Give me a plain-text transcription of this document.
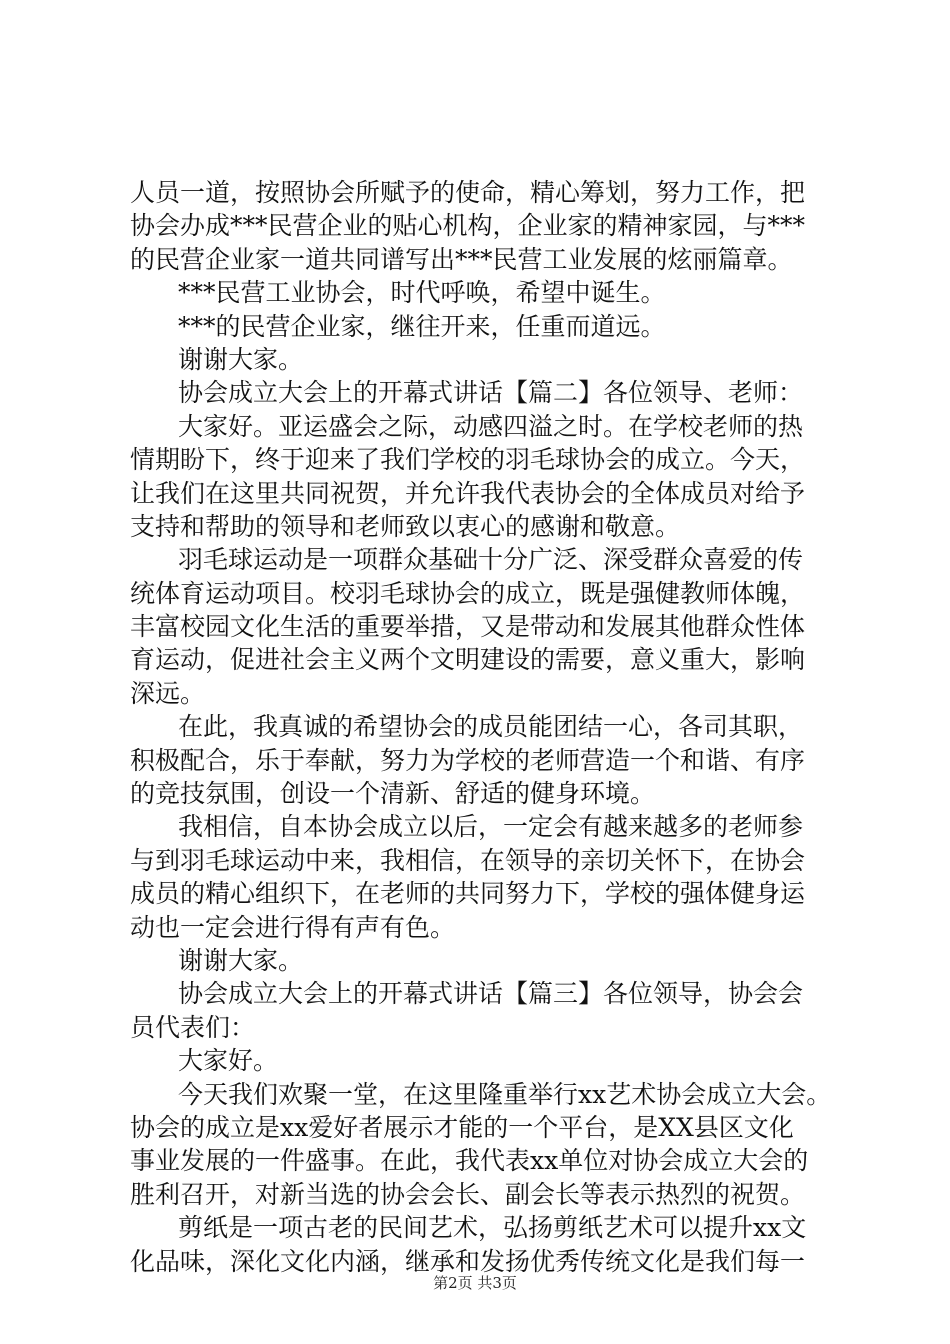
人员一道，按照协会所赋予的使命，精心筹划，努力工作，把
协会办成***民营企业的贴心机构，企业家的精神家园，与***
的民营企业家一道共同谱写出***民营工业发展的炫丽篇章。
***民营工业协会，时代呼唤，希望中诞生。
***的民营企业家，继往开来，任重而道远。
谢谢大家。
协会成立大会上的开幕式讲话【篇二】各位领导、老师：
大家好。亚运盛会之际，动感四溢之时。在学校老师的热
情期盼下，终于迎来了我们学校的羽毛球协会的成立。今天，
让我们在这里共同祝贺，并允许我代表协会的全体成员对给予
支持和帮助的领导和老师致以衷心的感谢和敬意。
羽毛球运动是一项群众基础十分广泛、深受群众喜爱的传
统体育运动项目。校羽毛球协会的成立，既是强健教师体魄，
丰富校园文化生活的重要举措，又是带动和发展其他群众性体
育运动，促进社会主义两个文明建设的需要，意义重大，影响
深远。
在此，我真诚的希望协会的成员能团结一心，各司其职，
积极配合，乐于奉献，努力为学校的老师营造一个和谐、有序
的竞技氛围，创设一个清新、舒适的健身环境。
我相信，自本协会成立以后，一定会有越来越多的老师参
与到羽毛球运动中来，我相信，在领导的亲切关怀下，在协会
成员的精心组织下，在老师的共同努力下，学校的强体健身运
动也一定会进行得有声有色。
谢谢大家。
协会成立大会上的开幕式讲话【篇三】各位领导，协会会
员代表们：
大家好。
今天我们欢聚一堂，在这里隆重举行xx艺术协会成立大会。
协会的成立是xx爱好者展示才能的一个平台，是XX县区文化
事业发展的一件盛事。在此，我代表xx单位对协会成立大会的
胜利召开，对新当选的协会会长、副会长等表示热烈的祝贺。
剪纸是一项古老的民间艺术，弘扬剪纸艺术可以提升xx文
化品味，深化文化内涵，继承和发扬优秀传统文化是我们每一
第2页 共3页
